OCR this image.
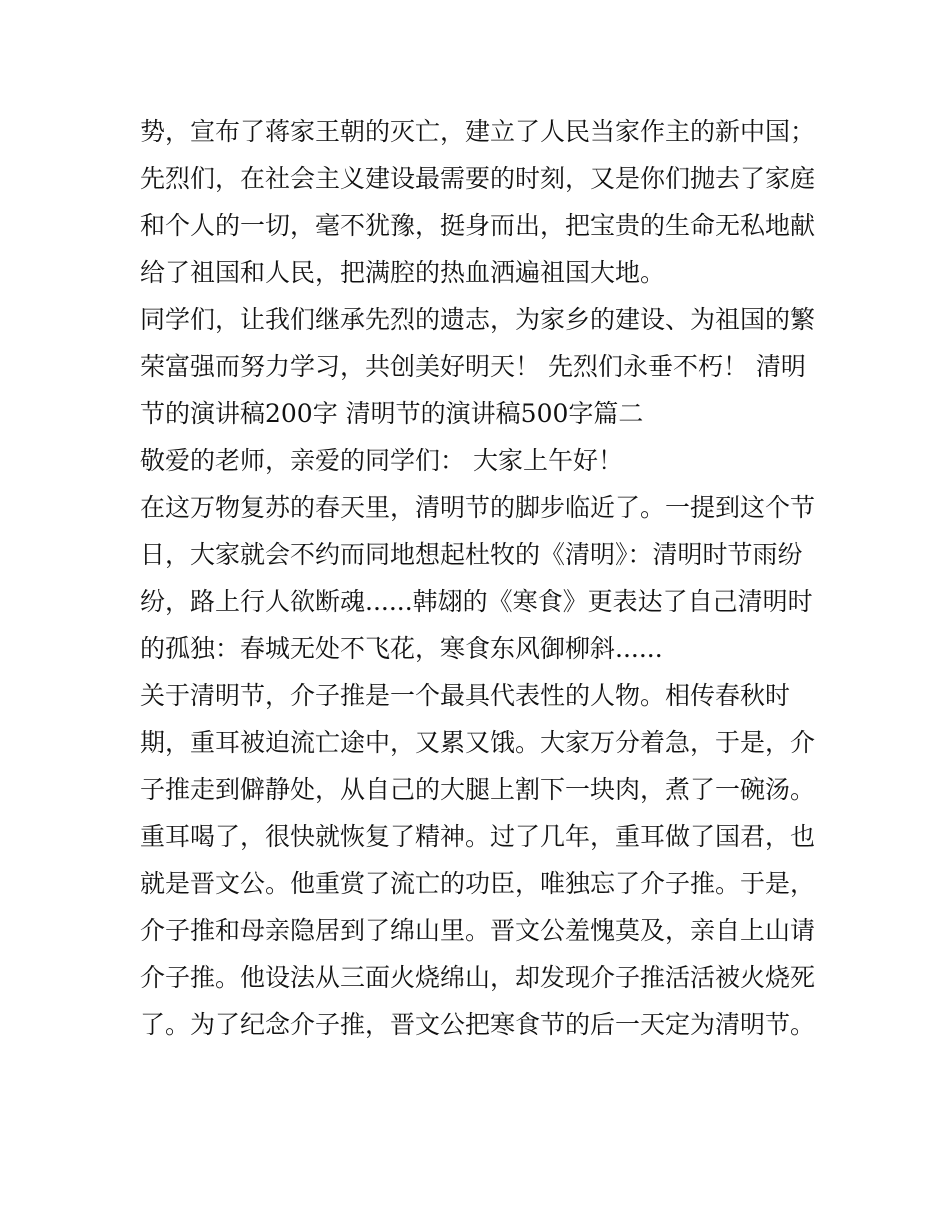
势，宣布了蒋家王朝的灭亡，建立了人民当家作主的新中国；
先烈们，在社会主义建设最需要的时刻，又是你们抛去了家庭
和个人的一切，毫不犹豫，挺身而出，把宝贵的生命无私地献
给了祖国和人民，把满腔的热血洒遍祖国大地。
同学们，让我们继承先烈的遗志，为家乡的建设、为祖国的繁
荣富强而努力学习，共创美好明天！ 先烈们永垂不朽！ 清明
节的演讲稿200字 清明节的演讲稿500字篇二
敬爱的老师，亲爱的同学们： 大家上午好！
在这万物复苏的春天里，清明节的脚步临近了。一提到这个节
日，大家就会不约而同地想起杜牧的《清明》：清明时节雨纷
纷，路上行人欲断魂......韩翃的《寒食》更表达了自己清明时
的孤独：春城无处不飞花，寒食东风御柳斜......
关于清明节，介子推是一个最具代表性的人物。相传春秋时
期，重耳被迫流亡途中，又累又饿。大家万分着急，于是，介
子推走到僻静处，从自己的大腿上割下一块肉，煮了一碗汤。
重耳喝了，很快就恢复了精神。过了几年，重耳做了国君，也
就是晋文公。他重赏了流亡的功臣，唯独忘了介子推。于是，
介子推和母亲隐居到了绵山里。晋文公羞愧莫及，亲自上山请
介子推。他设法从三面火烧绵山，却发现介子推活活被火烧死
了。为了纪念介子推，晋文公把寒食节的后一天定为清明节。
